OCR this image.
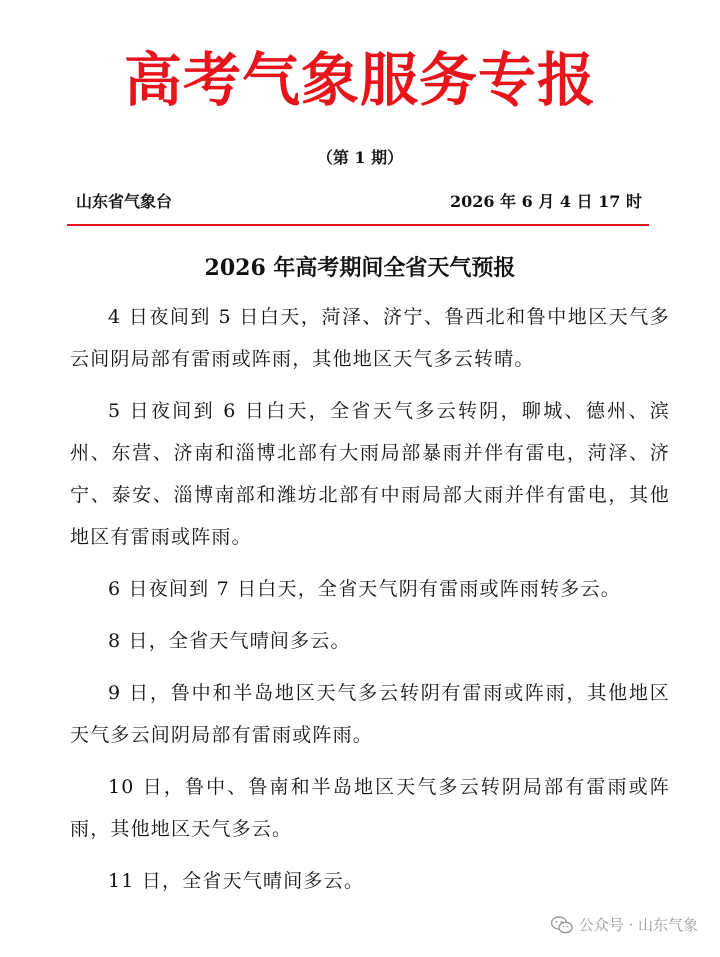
高考气象服务专报
（第 1 期）
山东省气象台	2026 年 6 月 4 日 17 时
2026 年高考期间全省天气预报

4 日夜间到 5 日白天，菏泽、济宁、鲁西北和鲁中地区天气多云间阴局部有雷雨或阵雨，其他地区天气多云转晴。

5 日夜间到 6 日白天，全省天气多云转阴，聊城、德州、滨州、东营、济南和淄博北部有大雨局部暴雨并伴有雷电，菏泽、济宁、泰安、淄博南部和潍坊北部有中雨局部大雨并伴有雷电，其他地区有雷雨或阵雨。

6 日夜间到 7 日白天，全省天气阴有雷雨或阵雨转多云。

8 日，全省天气晴间多云。

9 日，鲁中和半岛地区天气多云转阴有雷雨或阵雨，其他地区天气多云间阴局部有雷雨或阵雨。

10 日，鲁中、鲁南和半岛地区天气多云转阴局部有雷雨或阵雨，其他地区天气多云。

11 日，全省天气晴间多云。

公众号 · 山东气象
